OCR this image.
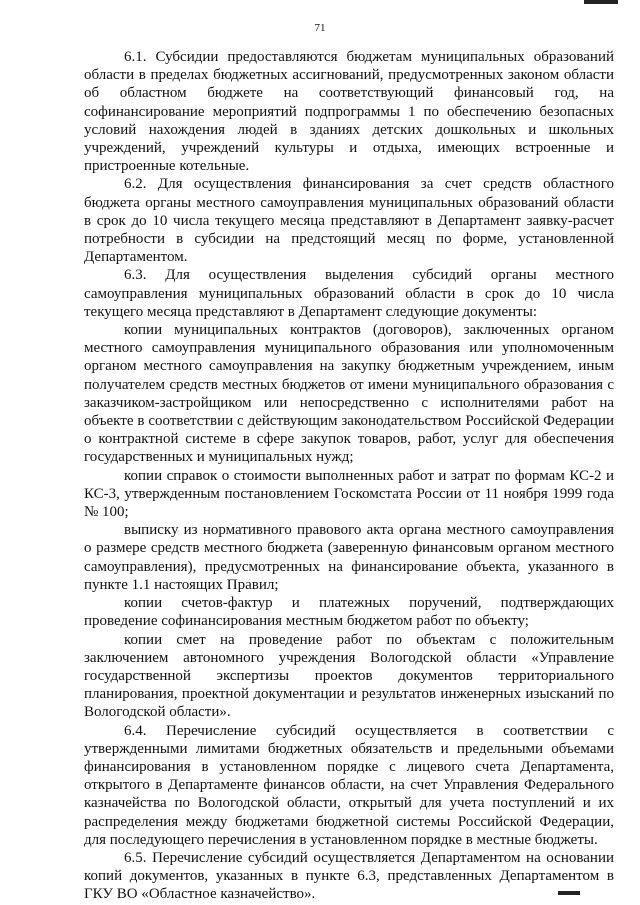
71

6.1. Субсидии предоставляются бюджетам муниципальных образований области в пределах бюджетных ассигнований, предусмотренных законом области об областном бюджете на соответствующий финансовый год, на софинансирование мероприятий подпрограммы 1 по обеспечению безопасных условий нахождения людей в зданиях детских дошкольных и школьных учреждений, учреждений культуры и отдыха, имеющих встроенные и пристроенные котельные.

6.2. Для осуществления финансирования за счет средств областного бюджета органы местного самоуправления муниципальных образований области в срок до 10 числа текущего месяца представляют в Департамент заявку-расчет потребности в субсидии на предстоящий месяц по форме, установленной Департаментом.

6.3. Для осуществления выделения субсидий органы местного самоуправления муниципальных образований области в срок до 10 числа текущего месяца представляют в Департамент следующие документы:

копии муниципальных контрактов (договоров), заключенных органом местного самоуправления муниципального образования или уполномоченным органом местного самоуправления на закупку бюджетным учреждением, иным получателем средств местных бюджетов от имени муниципального образования с заказчиком-застройщиком или непосредственно с исполнителями работ на объекте в соответствии с действующим законодательством Российской Федерации о контрактной системе в сфере закупок товаров, работ, услуг для обеспечения государственных и муниципальных нужд;

копии справок о стоимости выполненных работ и затрат по формам КС-2 и КС-3, утвержденным постановлением Госкомстата России от 11 ноября 1999 года № 100;

выписку из нормативного правового акта органа местного самоуправления о размере средств местного бюджета (заверенную финансовым органом местного самоуправления), предусмотренных на финансирование объекта, указанного в пункте 1.1 настоящих Правил;

копии счетов-фактур и платежных поручений, подтверждающих проведение софинансирования местным бюджетом работ по объекту;

копии смет на проведение работ по объектам с положительным заключением автономного учреждения Вологодской области «Управление государственной экспертизы проектов документов территориального планирования, проектной документации и результатов инженерных изысканий по Вологодской области».

6.4. Перечисление субсидий осуществляется в соответствии с утвержденными лимитами бюджетных обязательств и предельными объемами финансирования в установленном порядке с лицевого счета Департамента, открытого в Департаменте финансов области, на счет Управления Федерального казначейства по Вологодской области, открытый для учета поступлений и их распределения между бюджетами бюджетной системы Российской Федерации, для последующего перечисления в установленном порядке в местные бюджеты.

6.5. Перечисление субсидий осуществляется Департаментом на основании копий документов, указанных в пункте 6.3, представленных Департаментом в ГКУ ВО «Областное казначейство».
